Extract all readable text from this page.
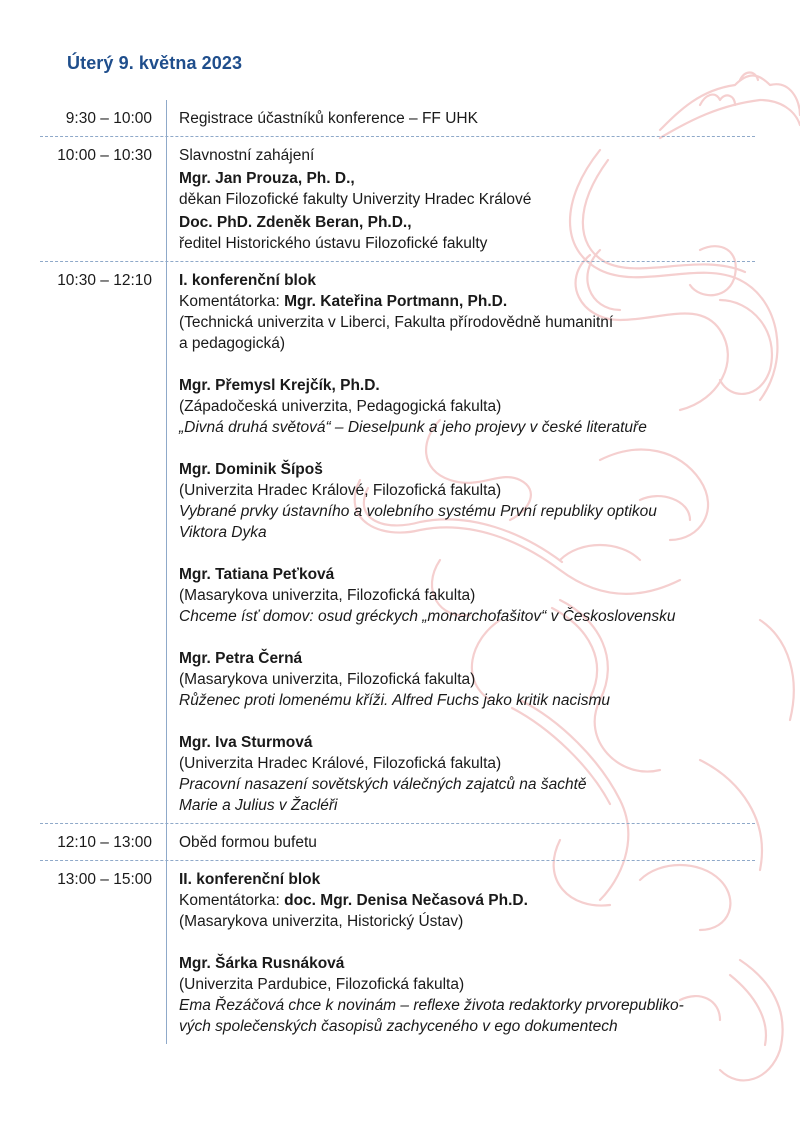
Úterý 9. května 2023
9:30 – 10:00	Registrace účastníků konference – FF UHK
10:00 – 10:30	Slavnostní zahájení
Mgr. Jan Prouza, Ph. D.,
děkan Filozofické fakulty Univerzity Hradec Králové
Doc. PhD. Zdeněk Beran, Ph.D.,
ředitel Historického ústavu Filozofické fakulty
10:30 – 12:10	I. konferenční blok
Komentátorka: Mgr. Kateřina Portmann, Ph.D.
(Technická univerzita v Liberci, Fakulta přírodovědně humanitní
a pedagogická)
Mgr. Přemysl Krejčík, Ph.D.
(Západočeská univerzita, Pedagogická fakulta)
„Divná druhá světová“ – Dieselpunk a jeho projevy v české literatuře
Mgr. Dominik Šípoš
(Univerzita Hradec Králové, Filozofická fakulta)
Vybrané prvky ústavního a volebního systému První republiky optikou
Viktora Dyka
Mgr. Tatiana Peťková
(Masarykova univerzita, Filozofická fakulta)
Chceme ísť domov: osud gréckych „monarchofašitov“ v Československu
Mgr. Petra Černá
(Masarykova univerzita, Filozofická fakulta)
Růženec proti lomenému kříži. Alfred Fuchs jako kritik nacismu
Mgr. Iva Sturmová
(Univerzita Hradec Králové, Filozofická fakulta)
Pracovní nasazení sovětských válečných zajatců na šachtě
Marie a Julius v Žacléři
12:10 – 13:00	Oběd formou bufetu
13:00 – 15:00	II. konferenční blok
Komentátorka: doc. Mgr. Denisa Nečasová Ph.D.
(Masarykova univerzita, Historický Ústav)
Mgr. Šárka Rusnáková
(Univerzita Pardubice, Filozofická fakulta)
Ema Řezáčová chce k novinám – reflexe života redaktorky prvorepubliko-
vých společenských časopisů zachyceného v ego dokumentech
